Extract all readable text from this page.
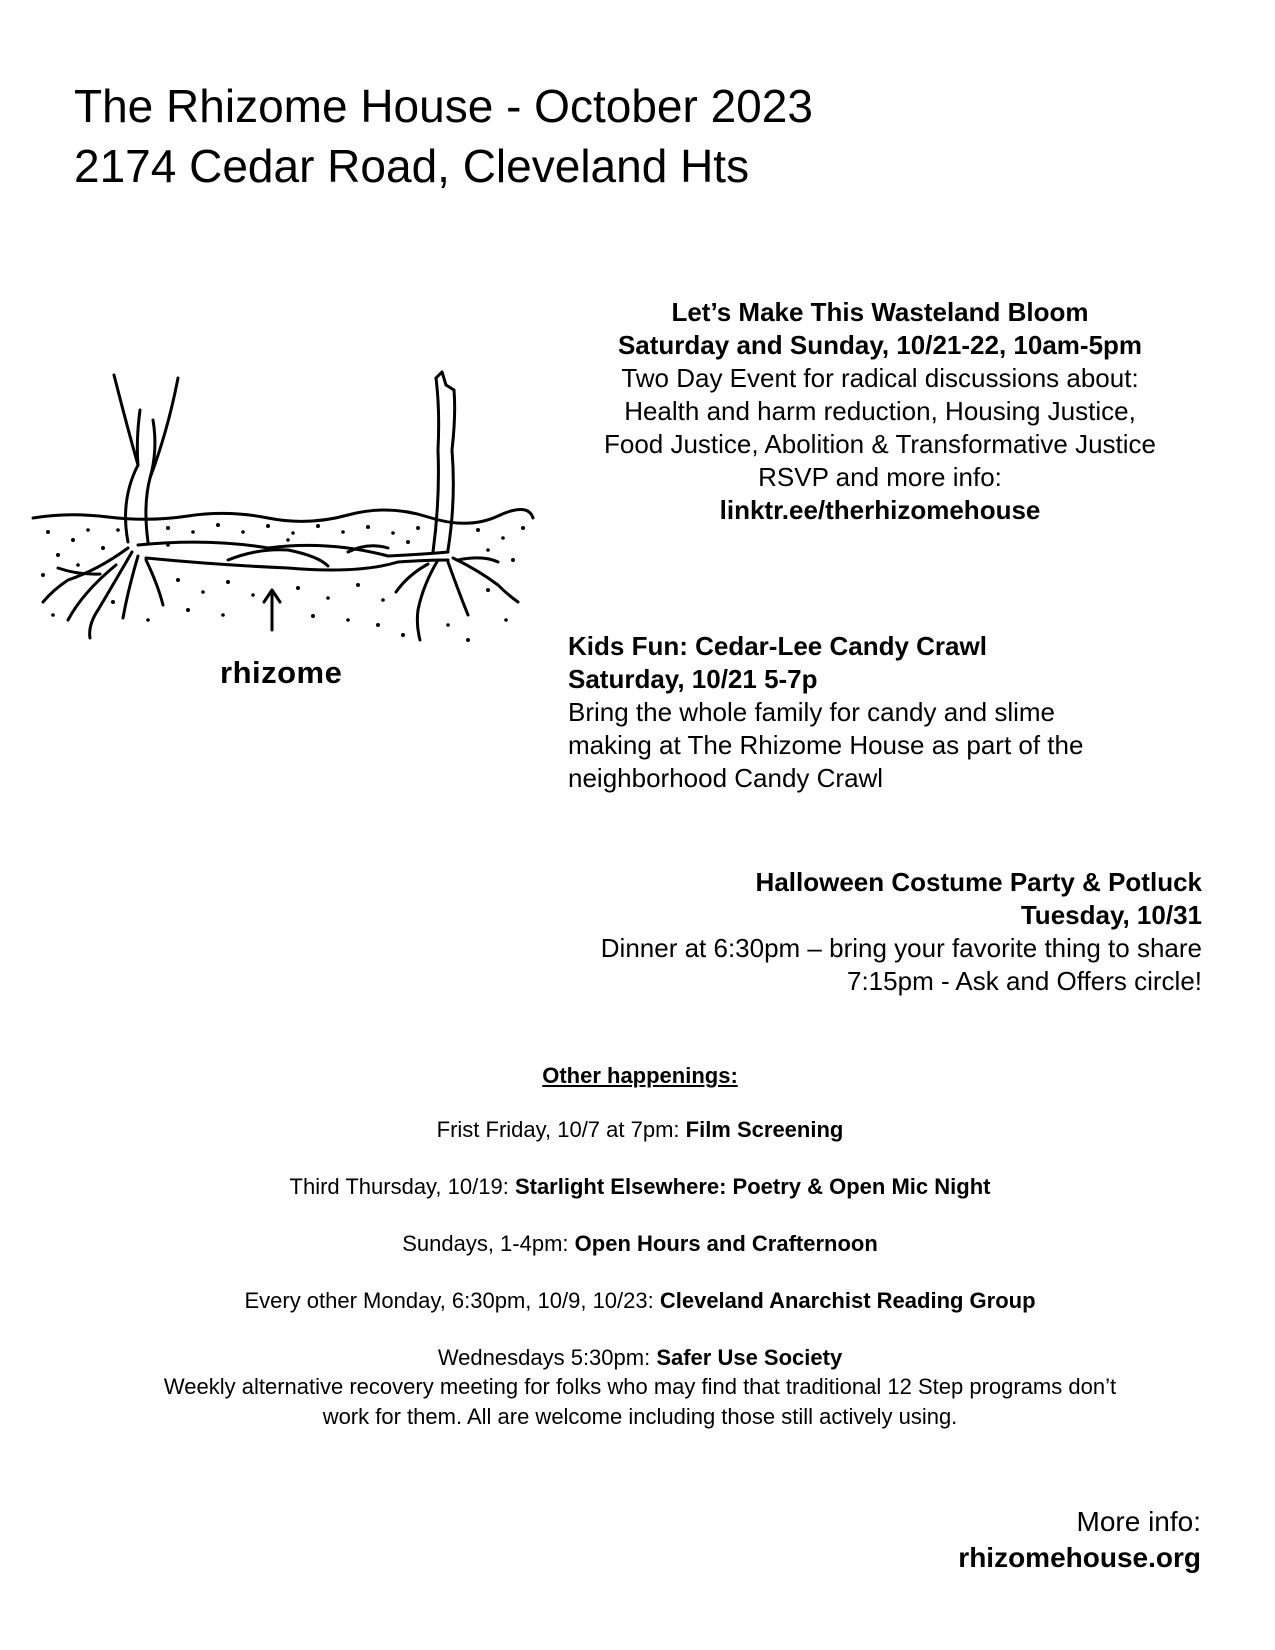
The Rhizome House - October 2023
2174 Cedar Road, Cleveland Hts
rhizome
Let’s Make This Wasteland Bloom
Saturday and Sunday, 10/21-22, 10am-5pm
Two Day Event for radical discussions about:
Health and harm reduction, Housing Justice,
Food Justice, Abolition & Transformative Justice
RSVP and more info:
linktr.ee/therhizomehouse
Kids Fun: Cedar-Lee Candy Crawl
Saturday, 10/21 5-7p
Bring the whole family for candy and slime
making at The Rhizome House as part of the
neighborhood Candy Crawl
Halloween Costume Party & Potluck
Tuesday, 10/31
Dinner at 6:30pm – bring your favorite thing to share
7:15pm - Ask and Offers circle!
Other happenings:
Frist Friday, 10/7 at 7pm: Film Screening
Third Thursday, 10/19: Starlight Elsewhere: Poetry & Open Mic Night
Sundays, 1-4pm: Open Hours and Crafternoon
Every other Monday, 6:30pm, 10/9, 10/23: Cleveland Anarchist Reading Group
Wednesdays 5:30pm: Safer Use Society
Weekly alternative recovery meeting for folks who may find that traditional 12 Step programs don’t
work for them. All are welcome including those still actively using.
More info:
rhizomehouse.org
